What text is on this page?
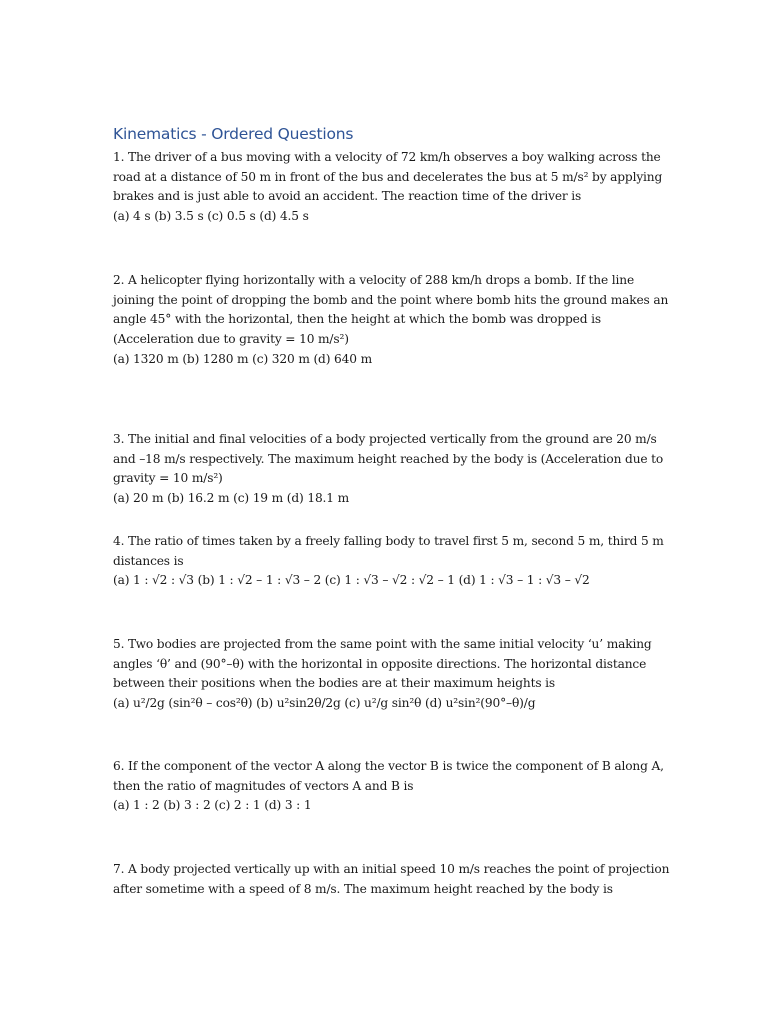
Kinematics - Ordered Questions
1. The driver of a bus moving with a velocity of 72 km/h observes a boy walking across the
road at a distance of 50 m in front of the bus and decelerates the bus at 5 m/s² by applying
brakes and is just able to avoid an accident. The reaction time of the driver is
(a) 4 s (b) 3.5 s (c) 0.5 s (d) 4.5 s
2. A helicopter flying horizontally with a velocity of 288 km/h drops a bomb. If the line
joining the point of dropping the bomb and the point where bomb hits the ground makes an
angle 45° with the horizontal, then the height at which the bomb was dropped is
(Acceleration due to gravity = 10 m/s²)
(a) 1320 m (b) 1280 m (c) 320 m (d) 640 m
3. The initial and final velocities of a body projected vertically from the ground are 20 m/s
and –18 m/s respectively. The maximum height reached by the body is (Acceleration due to
gravity = 10 m/s²)
(a) 20 m (b) 16.2 m (c) 19 m (d) 18.1 m
4. The ratio of times taken by a freely falling body to travel first 5 m, second 5 m, third 5 m
distances is
(a) 1 : √2 : √3 (b) 1 : √2 – 1 : √3 – 2 (c) 1 : √3 – √2 : √2 – 1 (d) 1 : √3 – 1 : √3 – √2
5. Two bodies are projected from the same point with the same initial velocity ‘u’ making
angles ‘θ’ and (90°–θ) with the horizontal in opposite directions. The horizontal distance
between their positions when the bodies are at their maximum heights is
(a) u²/2g (sin²θ – cos²θ) (b) u²sin2θ/2g (c) u²/g sin²θ (d) u²sin²(90°–θ)/g
6. If the component of the vector A along the vector B is twice the component of B along A,
then the ratio of magnitudes of vectors A and B is
(a) 1 : 2 (b) 3 : 2 (c) 2 : 1 (d) 3 : 1
7. A body projected vertically up with an initial speed 10 m/s reaches the point of projection
after sometime with a speed of 8 m/s. The maximum height reached by the body is
